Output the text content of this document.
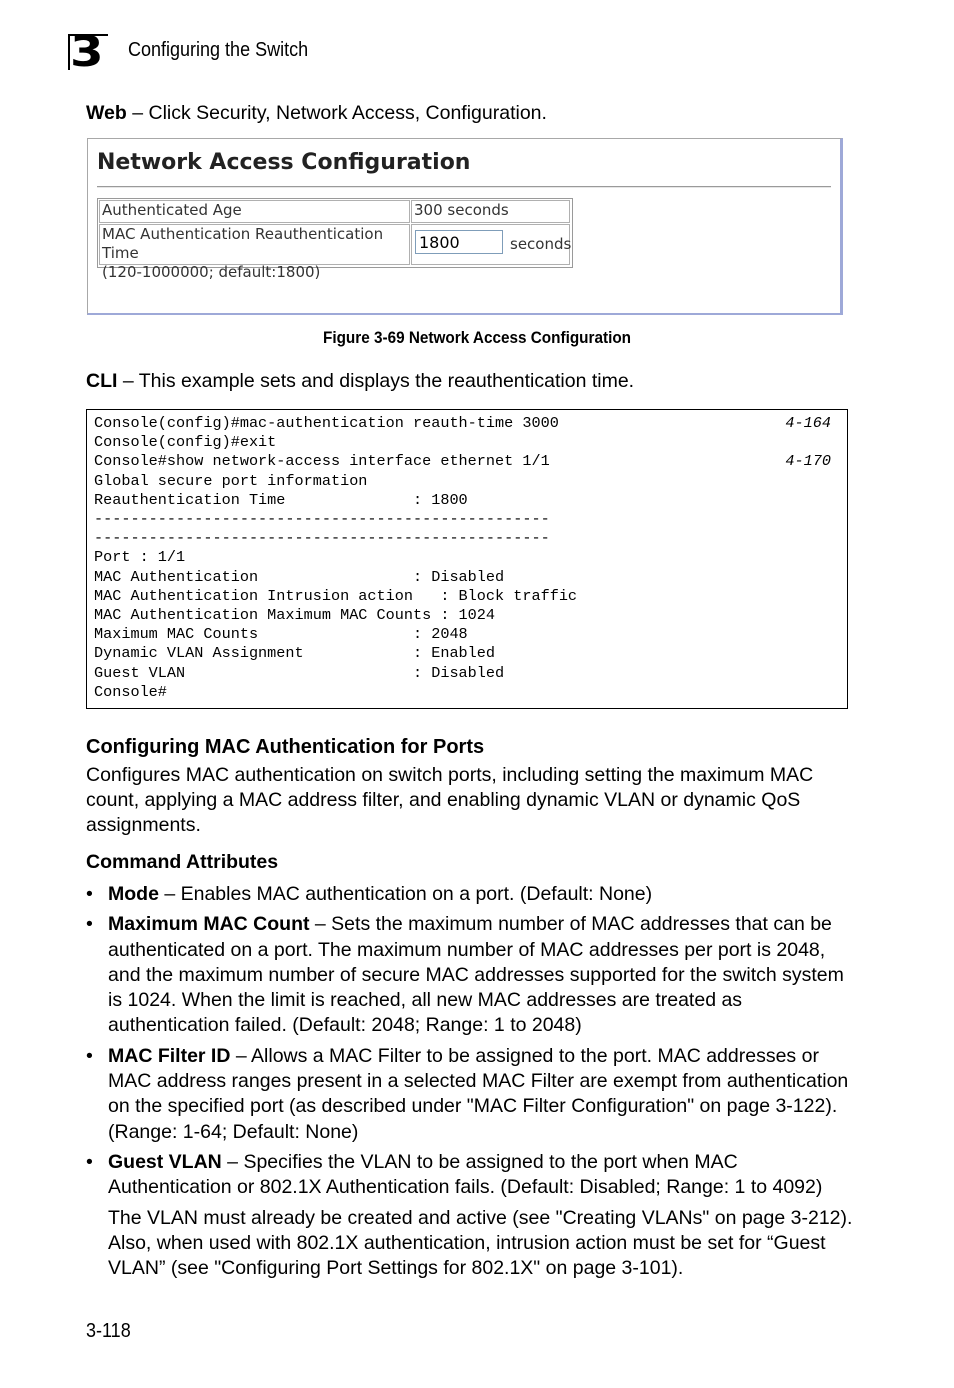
3 Configuring the Switch
Web – Click Security, Network Access, Configuration.
Network Access Configuration
Authenticated Age	300 seconds
MAC Authentication Reauthentication Time
(120-1000000; default:1800)
1800
seconds
Figure 3-69 Network Access Configuration
CLI – This example sets and displays the reauthentication time.
Console(config)#mac-authentication reauth-time 3000
Console(config)#exit
Console#show network-access interface ethernet 1/1
Global secure port information
Reauthentication Time              : 1800
--------------------------------------------------
--------------------------------------------------
Port : 1/1
MAC Authentication                 : Disabled
MAC Authentication Intrusion action   : Block traffic
MAC Authentication Maximum MAC Counts : 1024
Maximum MAC Counts                 : 2048
Dynamic VLAN Assignment            : Enabled
Guest VLAN                         : Disabled
Console#
4-164
4-170
Configuring MAC Authentication for Ports
Configures MAC authentication on switch ports, including setting the maximum MAC count, applying a MAC address filter, and enabling dynamic VLAN or dynamic QoS assignments.
Command Attributes
• Mode – Enables MAC authentication on a port. (Default: None)
• Maximum MAC Count – Sets the maximum number of MAC addresses that can be authenticated on a port. The maximum number of MAC addresses per port is 2048, and the maximum number of secure MAC addresses supported for the switch system is 1024. When the limit is reached, all new MAC addresses are treated as authentication failed. (Default: 2048; Range: 1 to 2048)
• MAC Filter ID – Allows a MAC Filter to be assigned to the port. MAC addresses or MAC address ranges present in a selected MAC Filter are exempt from authentication on the specified port (as described under "MAC Filter Configuration" on page 3-122). (Range: 1-64; Default: None)
• Guest VLAN – Specifies the VLAN to be assigned to the port when MAC Authentication or 802.1X Authentication fails. (Default: Disabled; Range: 1 to 4092)
The VLAN must already be created and active (see "Creating VLANs" on page 3-212). Also, when used with 802.1X authentication, intrusion action must be set for “Guest VLAN” (see "Configuring Port Settings for 802.1X" on page 3-101).
3-118
